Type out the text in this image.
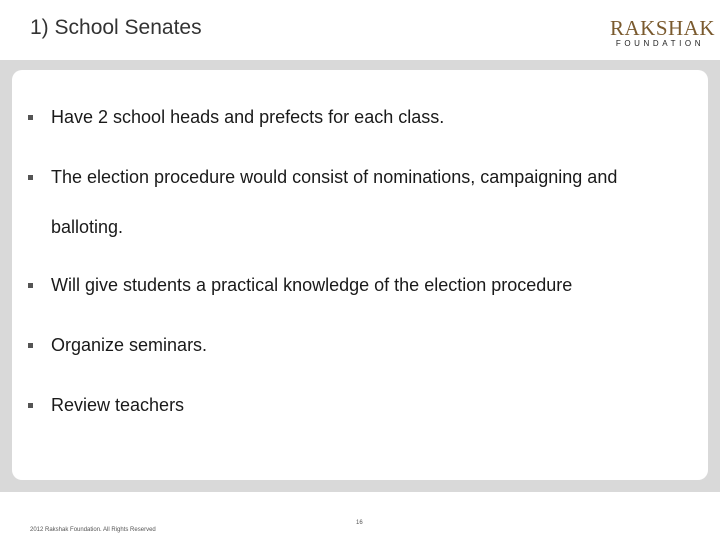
1) School Senates	RAKSHAK
FOUNDATION
Have 2 school heads and prefects for each class.
The election procedure would consist of nominations, campaigning and
balloting.
Will give students a practical knowledge of the election procedure
Organize seminars.
Review teachers
2012 Rakshak Foundation. All Rights Reserved
16
